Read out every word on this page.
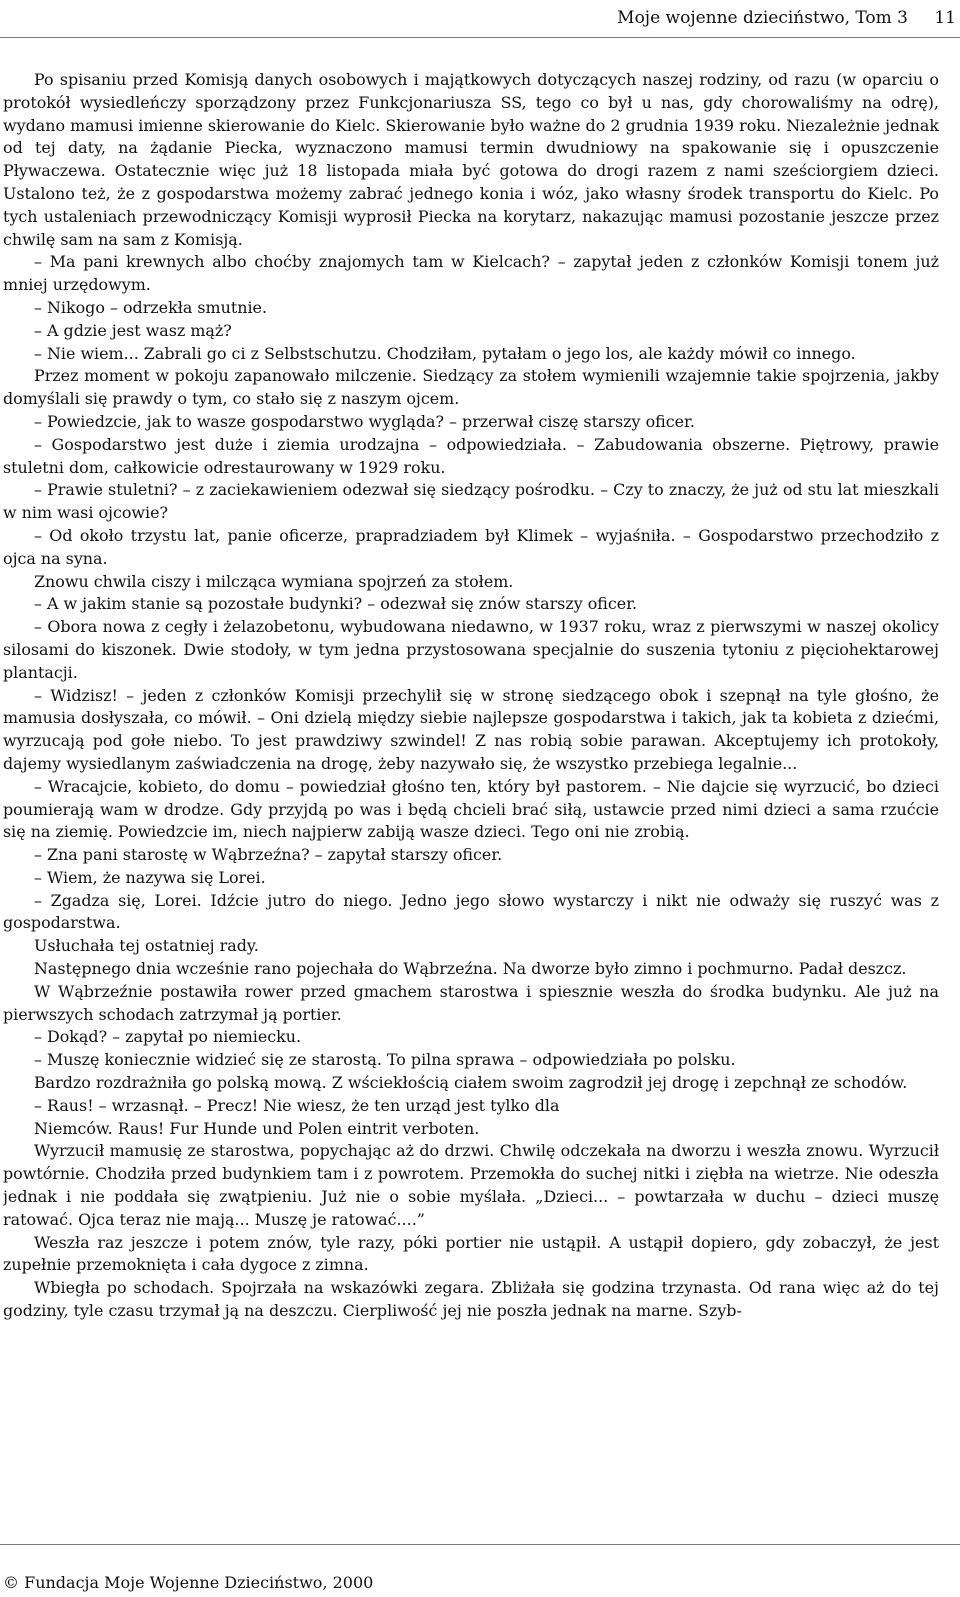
Moje wojenne dzieciństwo, Tom 3 11

Po spisaniu przed Komisją danych osobowych i majątkowych dotyczących naszej rodziny, od razu (w oparciu o protokół wysiedleńczy sporządzony przez Funkcjonariusza SS, tego co był u nas, gdy chorowaliśmy na odrę), wydano mamusi imienne skierowanie do Kielc. Skierowanie było ważne do 2 grudnia 1939 roku. Niezależnie jednak od tej daty, na żądanie Piecka, wyznaczono mamusi termin dwudniowy na spakowanie się i opuszczenie Pływaczewa. Ostatecznie więc już 18 listopada miała być gotowa do drogi razem z nami sześciorgiem dzieci. Ustalono też, że z gospodarstwa możemy zabrać jednego konia i wóz, jako własny środek transportu do Kielc. Po tych ustaleniach przewodniczący Komisji wyprosił Piecka na korytarz, nakazując mamusi pozostanie jeszcze przez chwilę sam na sam z Komisją.

– Ma pani krewnych albo choćby znajomych tam w Kielcach? – zapytał jeden z członków Komisji tonem już mniej urzędowym.

– Nikogo – odrzekła smutnie.

– A gdzie jest wasz mąż?

– Nie wiem... Zabrali go ci z Selbstschutzu. Chodziłam, pytałam o jego los, ale każdy mówił co innego.

Przez moment w pokoju zapanowało milczenie. Siedzący za stołem wymienili wzajemnie takie spojrzenia, jakby domyślali się prawdy o tym, co stało się z naszym ojcem.

– Powiedzcie, jak to wasze gospodarstwo wygląda? – przerwał ciszę starszy oficer.

– Gospodarstwo jest duże i ziemia urodzajna – odpowiedziała. – Zabudowania obszerne. Piętrowy, prawie stuletni dom, całkowicie odrestaurowany w 1929 roku.

– Prawie stuletni? – z zaciekawieniem odezwał się siedzący pośrodku. – Czy to znaczy, że już od stu lat mieszkali w nim wasi ojcowie?

– Od około trzystu lat, panie oficerze, prapradziadem był Klimek – wyjaśniła. – Gospodarstwo przechodziło z ojca na syna.

Znowu chwila ciszy i milcząca wymiana spojrzeń za stołem.

– A w jakim stanie są pozostałe budynki? – odezwał się znów starszy oficer.

– Obora nowa z cegły i żelazobetonu, wybudowana niedawno, w 1937 roku, wraz z pierwszymi w naszej okolicy silosami do kiszonek. Dwie stodoły, w tym jedna przystosowana specjalnie do suszenia tytoniu z pięciohektarowej plantacji.

– Widzisz! – jeden z członków Komisji przechylił się w stronę siedzącego obok i szepnął na tyle głośno, że mamusia dosłyszała, co mówił. – Oni dzielą między siebie najlepsze gospodarstwa i takich, jak ta kobieta z dziećmi, wyrzucają pod gołe niebo. To jest prawdziwy szwindel! Z nas robią sobie parawan. Akceptujemy ich protokoły, dajemy wysiedlanym zaświadczenia na drogę, żeby nazywało się, że wszystko przebiega legalnie...

– Wracajcie, kobieto, do domu – powiedział głośno ten, który był pastorem. – Nie dajcie się wyrzucić, bo dzieci poumierają wam w drodze. Gdy przyjdą po was i będą chcieli brać siłą, ustawcie przed nimi dzieci a sama rzućcie się na ziemię. Powiedzcie im, niech najpierw zabiją wasze dzieci. Tego oni nie zrobią.

– Zna pani starostę w Wąbrzeźna? – zapytał starszy oficer.

– Wiem, że nazywa się Lorei.

– Zgadza się, Lorei. Idźcie jutro do niego. Jedno jego słowo wystarczy i nikt nie odważy się ruszyć was z gospodarstwa.

Usłuchała tej ostatniej rady.

Następnego dnia wcześnie rano pojechała do Wąbrzeźna. Na dworze było zimno i pochmurno. Padał deszcz.

W Wąbrzeźnie postawiła rower przed gmachem starostwa i spiesznie weszła do środka budynku. Ale już na pierwszych schodach zatrzymał ją portier.

– Dokąd? – zapytał po niemiecku.

– Muszę koniecznie widzieć się ze starostą. To pilna sprawa – odpowiedziała po polsku.

Bardzo rozdrażniła go polską mową. Z wściekłością ciałem swoim zagrodził jej drogę i zepchnął ze schodów.

– Raus! – wrzasnął. – Precz! Nie wiesz, że ten urząd jest tylko dla

Niemców. Raus! Fur Hunde und Polen eintrit verboten.

Wyrzucił mamusię ze starostwa, popychając aż do drzwi. Chwilę odczekała na dworzu i weszła znowu. Wyrzucił powtórnie. Chodziła przed budynkiem tam i z powrotem. Przemokła do suchej nitki i ziębła na wietrze. Nie odeszła jednak i nie poddała się zwątpieniu. Już nie o sobie myślała. „Dzieci... – powtarzała w duchu – dzieci muszę ratować. Ojca teraz nie mają... Muszę je ratować....”

Weszła raz jeszcze i potem znów, tyle razy, póki portier nie ustąpił. A ustąpił dopiero, gdy zobaczył, że jest zupełnie przemoknięta i cała dygoce z zimna.

Wbiegła po schodach. Spojrzała na wskazówki zegara. Zbliżała się godzina trzynasta. Od rana więc aż do tej godziny, tyle czasu trzymał ją na deszczu. Cierpliwość jej nie poszła jednak na marne. Szyb-

© Fundacja Moje Wojenne Dzieciństwo, 2000
